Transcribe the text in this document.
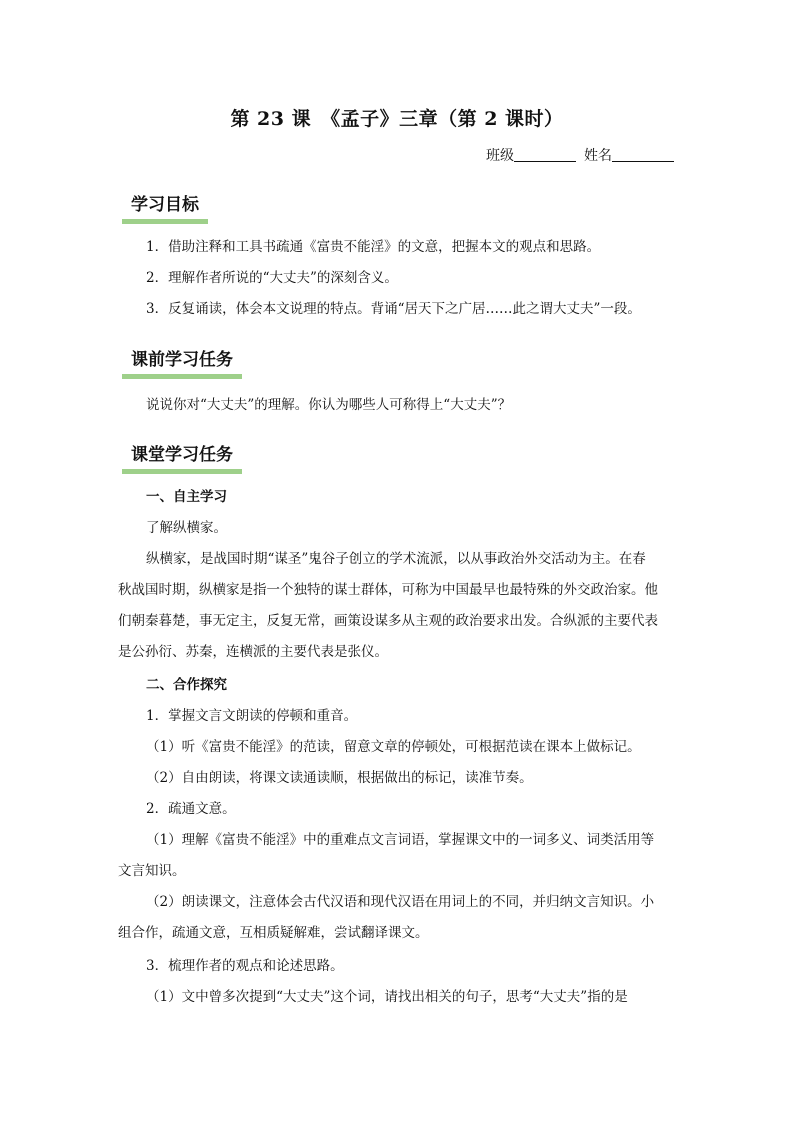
第 23 课　《孟子》三章（第 2 课时）
班级	姓名
学习目标
1．借助注释和工具书疏通《富贵不能淫》的文意，把握本文的观点和思路。
2．理解作者所说的“大丈夫”的深刻含义。
3．反复诵读，体会本文说理的特点。背诵“居天下之广居……此之谓大丈夫”一段。
课前学习任务
说说你对“大丈夫”的理解。你认为哪些人可称得上“大丈夫”？
课堂学习任务
一、自主学习
了解纵横家。
纵横家，是战国时期“谋圣”鬼谷子创立的学术流派，以从事政治外交活动为主。在春
秋战国时期，纵横家是指一个独特的谋士群体，可称为中国最早也最特殊的外交政治家。他
们朝秦暮楚，事无定主，反复无常，画策设谋多从主观的政治要求出发。合纵派的主要代表
是公孙衍、苏秦，连横派的主要代表是张仪。
二、合作探究
1．掌握文言文朗读的停顿和重音。
（1）听《富贵不能淫》的范读，留意文章的停顿处，可根据范读在课本上做标记。
（2）自由朗读，将课文读通读顺，根据做出的标记，读准节奏。
2．疏通文意。
（1）理解《富贵不能淫》中的重难点文言词语，掌握课文中的一词多义、词类活用等
文言知识。
（2）朗读课文，注意体会古代汉语和现代汉语在用词上的不同，并归纳文言知识。小
组合作，疏通文意，互相质疑解难，尝试翻译课文。
3．梳理作者的观点和论述思路。
（1）文中曾多次提到“大丈夫”这个词，请找出相关的句子，思考“大丈夫”指的是
